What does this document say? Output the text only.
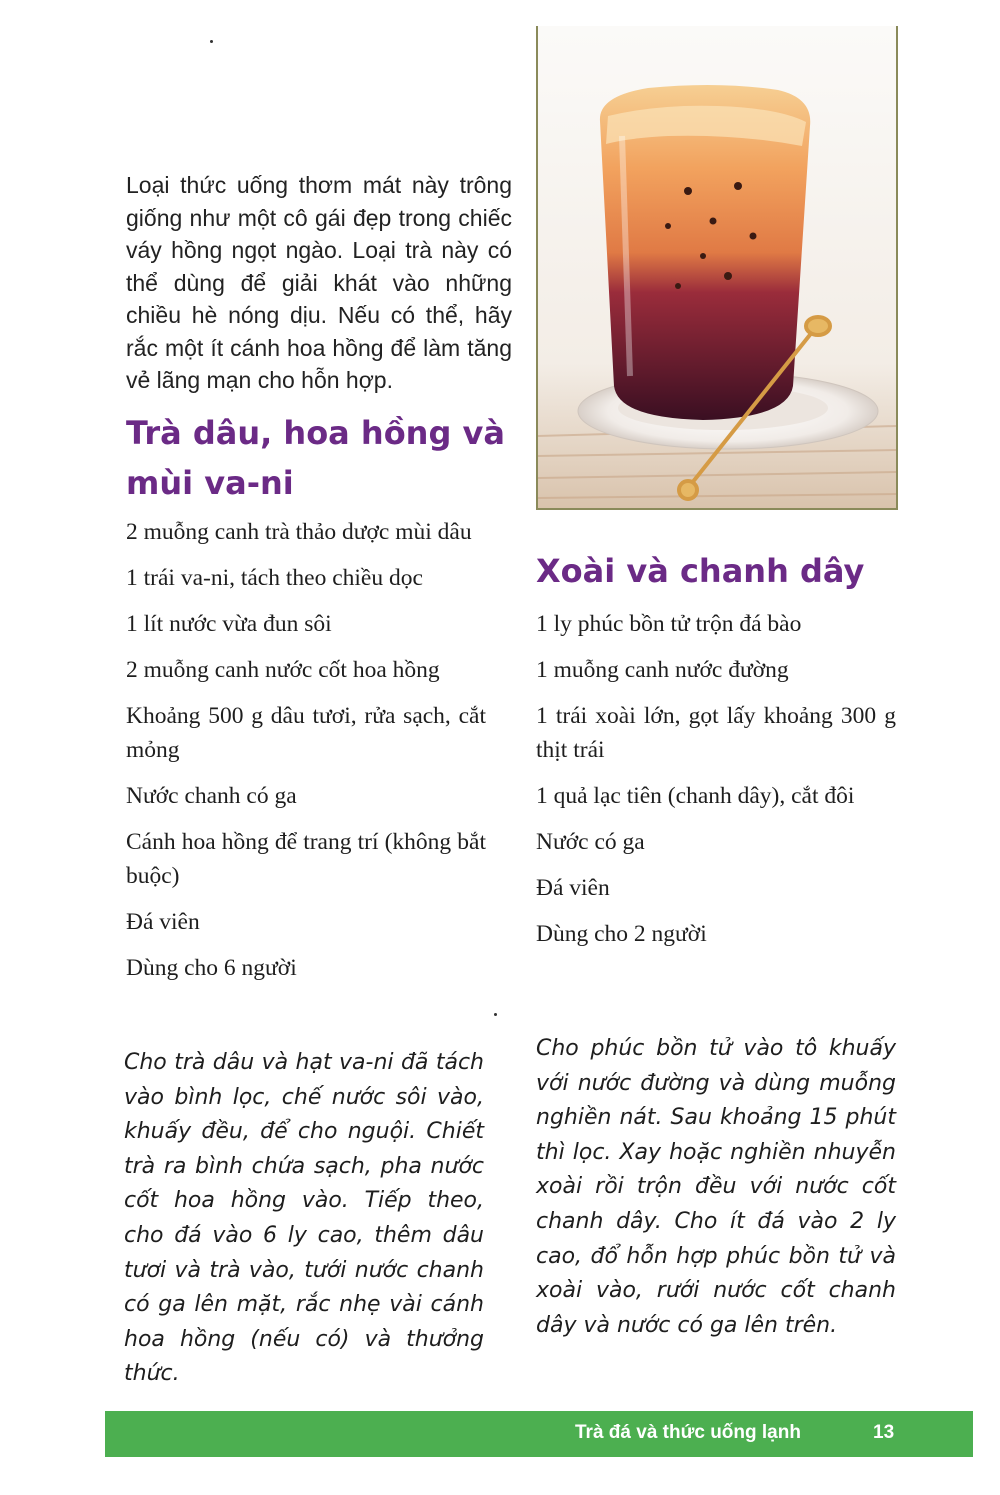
Loại thức uống thơm mát này trông giống như một cô gái đẹp trong chiếc váy hồng ngọt ngào. Loại trà này có thể dùng để giải khát vào những chiều hè nóng dịu. Nếu có thể, hãy rắc một ít cánh hoa hồng để làm tăng vẻ lãng mạn cho hỗn hợp.

Trà dâu, hoa hồng và mùi va-ni
2 muỗng canh trà thảo dược mùi dâu
1 trái va-ni, tách theo chiều dọc
1 lít nước vừa đun sôi
2 muỗng canh nước cốt hoa hồng
Khoảng 500 g dâu tươi, rửa sạch, cắt mỏng
Nước chanh có ga
Cánh hoa hồng để trang trí (không bắt buộc)
Đá viên
Dùng cho 6 người

Cho trà dâu và hạt va-ni đã tách vào bình lọc, chế nước sôi vào, khuấy đều, để cho nguội. Chiết trà ra bình chứa sạch, pha nước cốt hoa hồng vào. Tiếp theo, cho đá vào 6 ly cao, thêm dâu tươi và trà vào, tưới nước chanh có ga lên mặt, rắc nhẹ vài cánh hoa hồng (nếu có) và thưởng thức.

Xoài và chanh dây
1 ly phúc bồn tử trộn đá bào
1 muỗng canh nước đường
1 trái xoài lớn, gọt lấy khoảng 300 g thịt trái
1 quả lạc tiên (chanh dây), cắt đôi
Nước có ga
Đá viên
Dùng cho 2 người

Cho phúc bồn tử vào tô khuấy với nước đường và dùng muỗng nghiền nát. Sau khoảng 15 phút thì lọc. Xay hoặc nghiền nhuyễn xoài rồi trộn đều với nước cốt chanh dây. Cho ít đá vào 2 ly cao, đổ hỗn hợp phúc bồn tử và xoài vào, rưới nước cốt chanh dây và nước có ga lên trên.

Trà đá và thức uống lạnh	13
